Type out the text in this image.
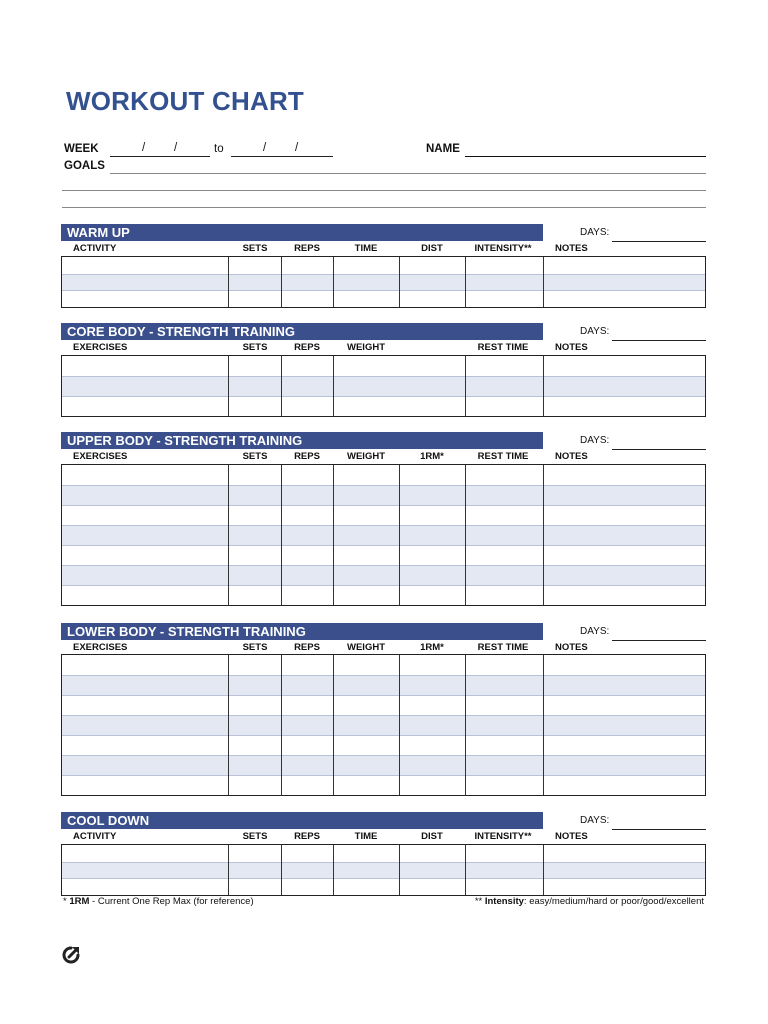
WORKOUT CHART
WEEK	/	/	to	/	/	NAME
GOALS
WARM UP	DAYS:
ACTIVITY	SETS	REPS	TIME	DIST	INTENSITY**	NOTES
CORE BODY - STRENGTH TRAINING	DAYS:
EXERCISES	SETS	REPS	WEIGHT	REST TIME	NOTES
UPPER BODY - STRENGTH TRAINING	DAYS:
EXERCISES	SETS	REPS	WEIGHT	1RM*	REST TIME	NOTES
LOWER BODY - STRENGTH TRAINING	DAYS:
EXERCISES	SETS	REPS	WEIGHT	1RM*	REST TIME	NOTES
COOL DOWN	DAYS:
ACTIVITY	SETS	REPS	TIME	DIST	INTENSITY**	NOTES
* 1RM - Current One Rep Max (for reference)	** Intensity: easy/medium/hard or poor/good/excellent
